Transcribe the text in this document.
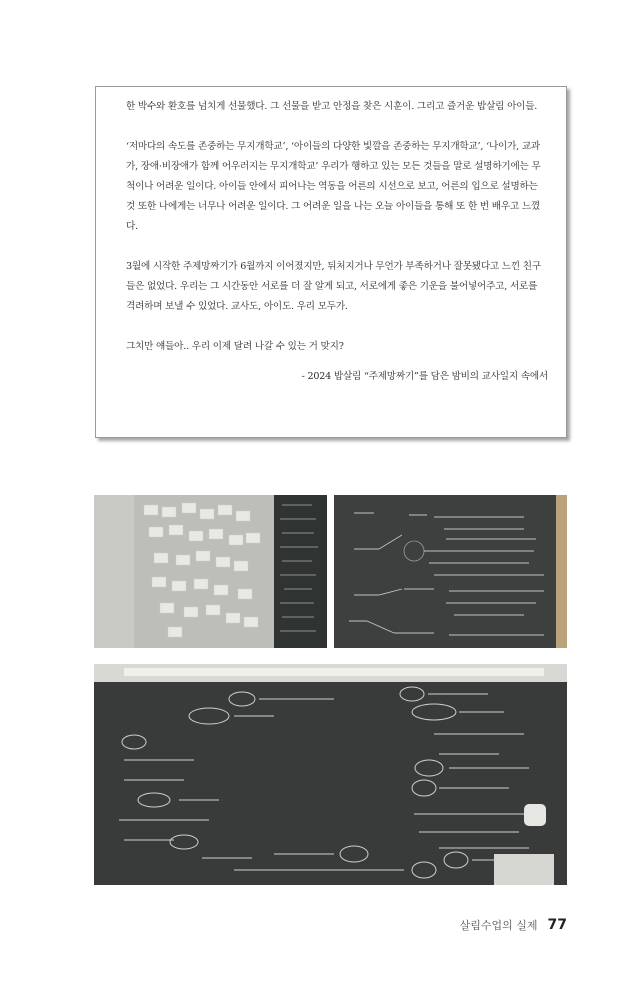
한 박수와 환호를 넘치게 선물했다. 그 선물을 받고 안정을 찾은 시훈이. 그리고 즐거운 밥살림 아이들.

‘저마다의 속도를 존중하는 무지개학교’, ‘아이들의 다양한 빛깔을 존중하는 무지개학교’, ‘나이가, 교과가, 장애·비장애가 함께 어우러지는 무지개학교’ 우리가 행하고 있는 모든 것들을 말로 설명하기에는 무척이나 어려운 일이다. 아이들 안에서 피어나는 역동을 어른의 시선으로 보고, 어른의 입으로 설명하는 것 또한 나에게는 너무나 어려운 일이다. 그 어려운 일을 나는 오늘 아이들을 통해 또 한 번 배우고 느꼈다.

3월에 시작한 주제망짜기가 6월까지 이어졌지만, 뒤처지거나 무언가 부족하거나 잘못됐다고 느낀 친구들은 없었다. 우리는 그 시간동안 서로를 더 잘 알게 되고, 서로에게 좋은 기운을 불어넣어주고, 서로를 격려하며 보낼 수 있었다. 교사도, 아이도. 우리 모두가.

그치만 얘들아.. 우리 이제 달려 나갈 수 있는 거 맞지?

- 2024 밥살림 “주제망짜기”를 담은 밤비의 교사일지 속에서

살림수업의 실제 77
